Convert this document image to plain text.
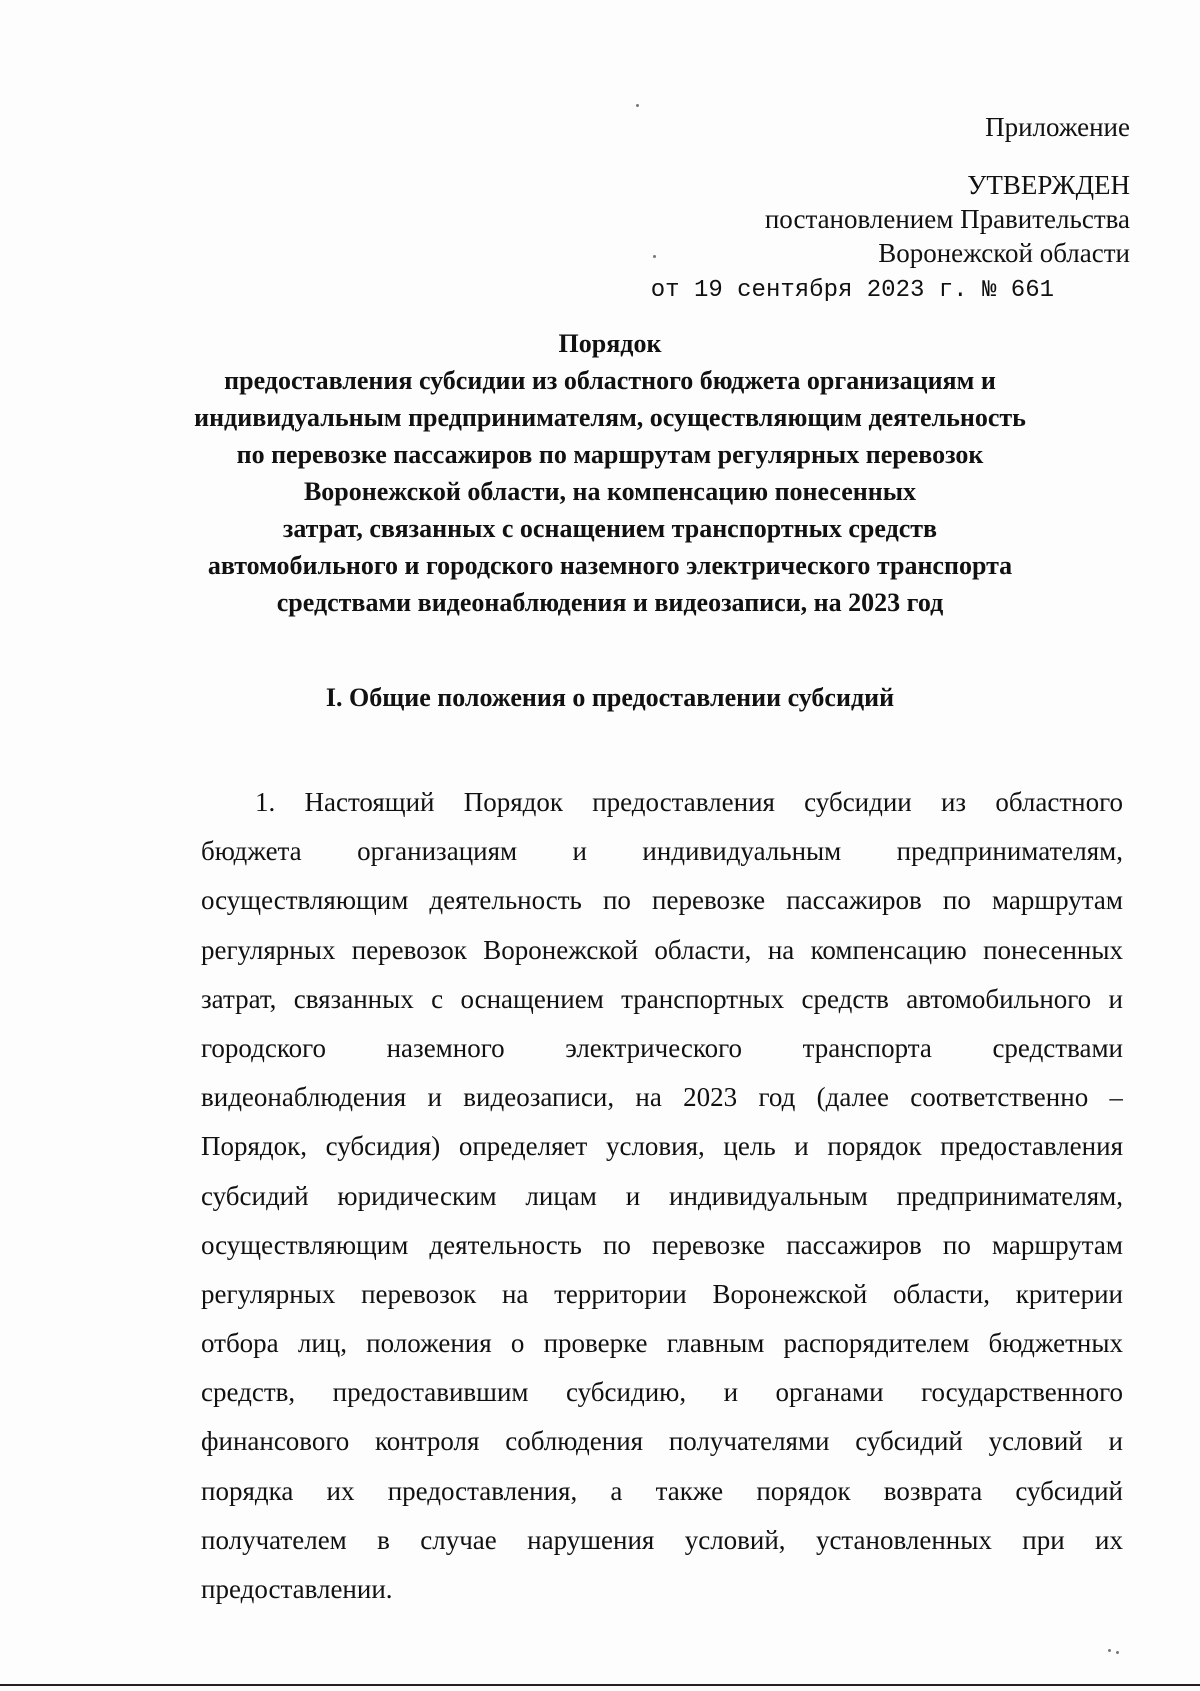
Приложение
УТВЕРЖДЕН
постановлением Правительства
Воронежской области
от 19 сентября 2023 г. № 661
Порядок
предоставления субсидии из областного бюджета организациям и
индивидуальным предпринимателям, осуществляющим деятельность
по перевозке пассажиров по маршрутам регулярных перевозок
Воронежской области, на компенсацию понесенных
затрат, связанных с оснащением транспортных средств
автомобильного и городского наземного электрического транспорта
средствами видеонаблюдения и видеозаписи, на 2023 год
I. Общие положения о предоставлении субсидий
1. Настоящий Порядок предоставления субсидии из областного
бюджета организациям и индивидуальным предпринимателям,
осуществляющим деятельность по перевозке пассажиров по маршрутам
регулярных перевозок Воронежской области, на компенсацию понесенных
затрат, связанных с оснащением транспортных средств автомобильного и
городского наземного электрического транспорта средствами
видеонаблюдения и видеозаписи, на 2023 год (далее соответственно –
Порядок, субсидия) определяет условия, цель и порядок предоставления
субсидий юридическим лицам и индивидуальным предпринимателям,
осуществляющим деятельность по перевозке пассажиров по маршрутам
регулярных перевозок на территории Воронежской области, критерии
отбора лиц, положения о проверке главным распорядителем бюджетных
средств, предоставившим субсидию, и органами государственного
финансового контроля соблюдения получателями субсидий условий и
порядка их предоставления, а также порядок возврата субсидий
получателем в случае нарушения условий, установленных при их
предоставлении.
